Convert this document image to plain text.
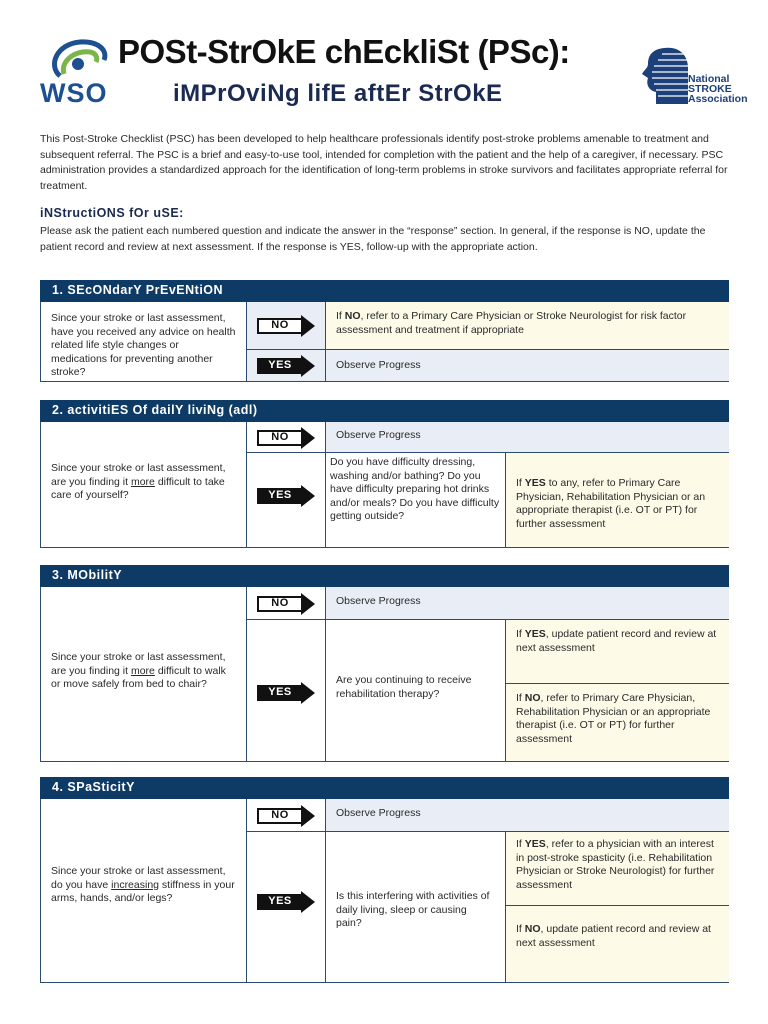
WSO
POSt-StrOkE chEckliSt (PSc):
iMPrOviNg lifE aftEr StrOkE
National
STROKE
Association
This Post-Stroke Checklist (PSC) has been developed to help healthcare professionals identify post-stroke problems amenable to treatment and subsequent referral. The PSC is a brief and easy-to-use tool, intended for completion with the patient and the help of a caregiver, if necessary. PSC administration provides a standardized approach for the identification of long-term problems in stroke survivors and facilitates appropriate referral for treatment.
iNStructiONS fOr uSE:
Please ask the patient each numbered question and indicate the answer in the “response” section. In general, if the response is NO, update the patient record and review at next assessment. If the response is YES, follow-up with the appropriate action.
1. SEcONdarY PrEvENtiON
Since your stroke or last assessment, have you received any advice on health related life style changes or medications for preventing another stroke?
NO
YES
If NO, refer to a Primary Care Physician or Stroke Neurologist for risk factor assessment and treatment if appropriate
Observe Progress
2. activitiES Of dailY liviNg (adl)
Since your stroke or last assessment, are you finding it more difficult to take care of yourself?
NO
YES
Observe Progress
Do you have difficulty dressing, washing and/or bathing? Do you have difficulty preparing hot drinks and/or meals? Do you have difficulty getting outside?
If YES to any, refer to Primary Care Physician, Rehabilitation Physician or an appropriate therapist (i.e. OT or PT) for further assessment
3. MObilitY
Since your stroke or last assessment, are you finding it more difficult to walk or move safely from bed to chair?
NO
YES
Observe Progress
Are you continuing to receive rehabilitation therapy?
If YES, update patient record and review at next assessment
If NO, refer to Primary Care Physician, Rehabilitation Physician or an appropriate therapist (i.e. OT or PT) for further assessment
4. SPaSticitY
Since your stroke or last assessment, do you have increasing stiffness in your arms, hands, and/or legs?
NO
YES
Observe Progress
Is this interfering with activities of daily living, sleep or causing pain?
If YES, refer to a physician with an interest in post-stroke spasticity (i.e. Rehabilitation Physician or Stroke Neurologist) for further assessment
If NO, update patient record and review at next assessment
